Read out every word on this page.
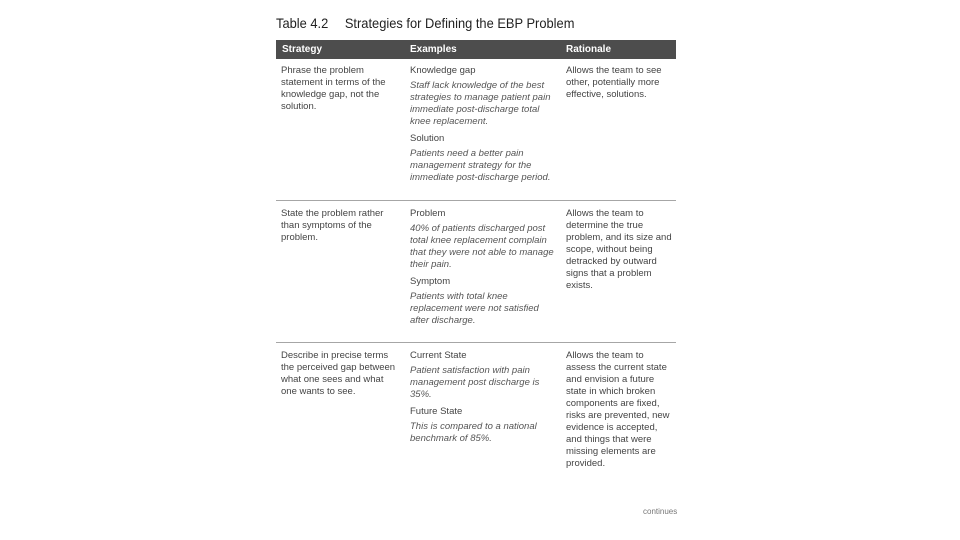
Table 4.2 Strategies for Defining the EBP Problem
Strategy	Examples	Rationale
Phrase the problem statement in terms of the knowledge gap, not the solution.
Knowledge gap
Staff lack knowledge of the best strategies to manage patient pain immediate post-discharge total knee replacement.
Solution
Patients need a better pain management strategy for the immediate post-discharge period.
Allows the team to see other, potentially more effective, solutions.
State the problem rather than symptoms of the problem.
Problem
40% of patients discharged post total knee replacement complain that they were not able to manage their pain.
Symptom
Patients with total knee replacement were not satisfied after discharge.
Allows the team to determine the true problem, and its size and scope, without being detracked by outward signs that a problem exists.
Describe in precise terms the perceived gap between what one sees and what one wants to see.
Current State
Patient satisfaction with pain management post discharge is 35%.
Future State
This is compared to a national benchmark of 85%.
Allows the team to assess the current state and envision a future state in which broken components are fixed, risks are prevented, new evidence is accepted, and things that were missing elements are provided.
continues
